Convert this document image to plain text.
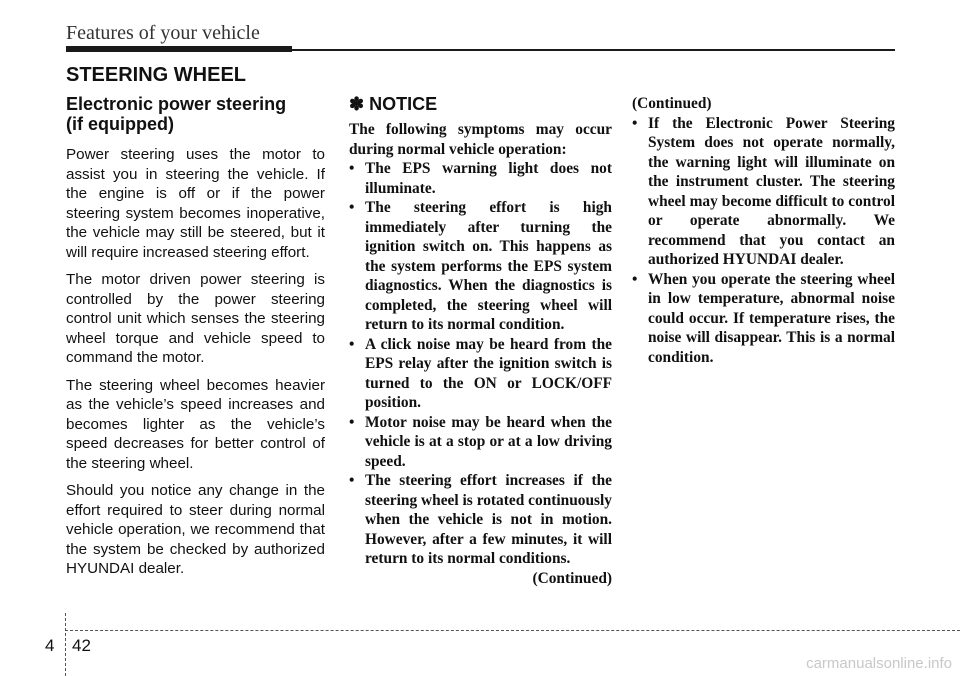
Features of your vehicle
STEERING WHEEL
Electronic power steering
(if equipped)

Power steering uses the motor to assist you in steering the vehicle. If the engine is off or if the power steering system becomes inoperative, the vehicle may still be steered, but it will require increased steering effort.

The motor driven power steering is controlled by the power steering control unit which senses the steering wheel torque and vehicle speed to command the motor.

The steering wheel becomes heavier as the vehicle’s speed increases and becomes lighter as the vehicle’s speed decreases for better control of the steering wheel.

Should you notice any change in the effort required to steer during normal vehicle operation, we recommend that the system be checked by authorized HYUNDAI dealer.

✽ NOTICE

The following symptoms may occur during normal vehicle operation:

• The EPS warning light does not illuminate.
• The steering effort is high immediately after turning the ignition switch on. This happens as the system performs the EPS system diagnostics. When the diagnostics is completed, the steering wheel will return to its normal condition.
• A click noise may be heard from the EPS relay after the ignition switch is turned to the ON or LOCK/OFF position.
• Motor noise may be heard when the vehicle is at a stop or at a low driving speed.
• The steering effort increases if the steering wheel is rotated continuously when the vehicle is not in motion. However, after a few minutes, it will return to its normal conditions.

(Continued)

(Continued)

• If the Electronic Power Steering System does not operate normally, the warning light will illuminate on the instrument cluster. The steering wheel may become difficult to control or operate abnormally. We recommend that you contact an authorized HYUNDAI dealer.
• When you operate the steering wheel in low temperature, abnormal noise could occur. If temperature rises, the noise will disappear. This is a normal condition.
4 42
carmanualsonline.info
